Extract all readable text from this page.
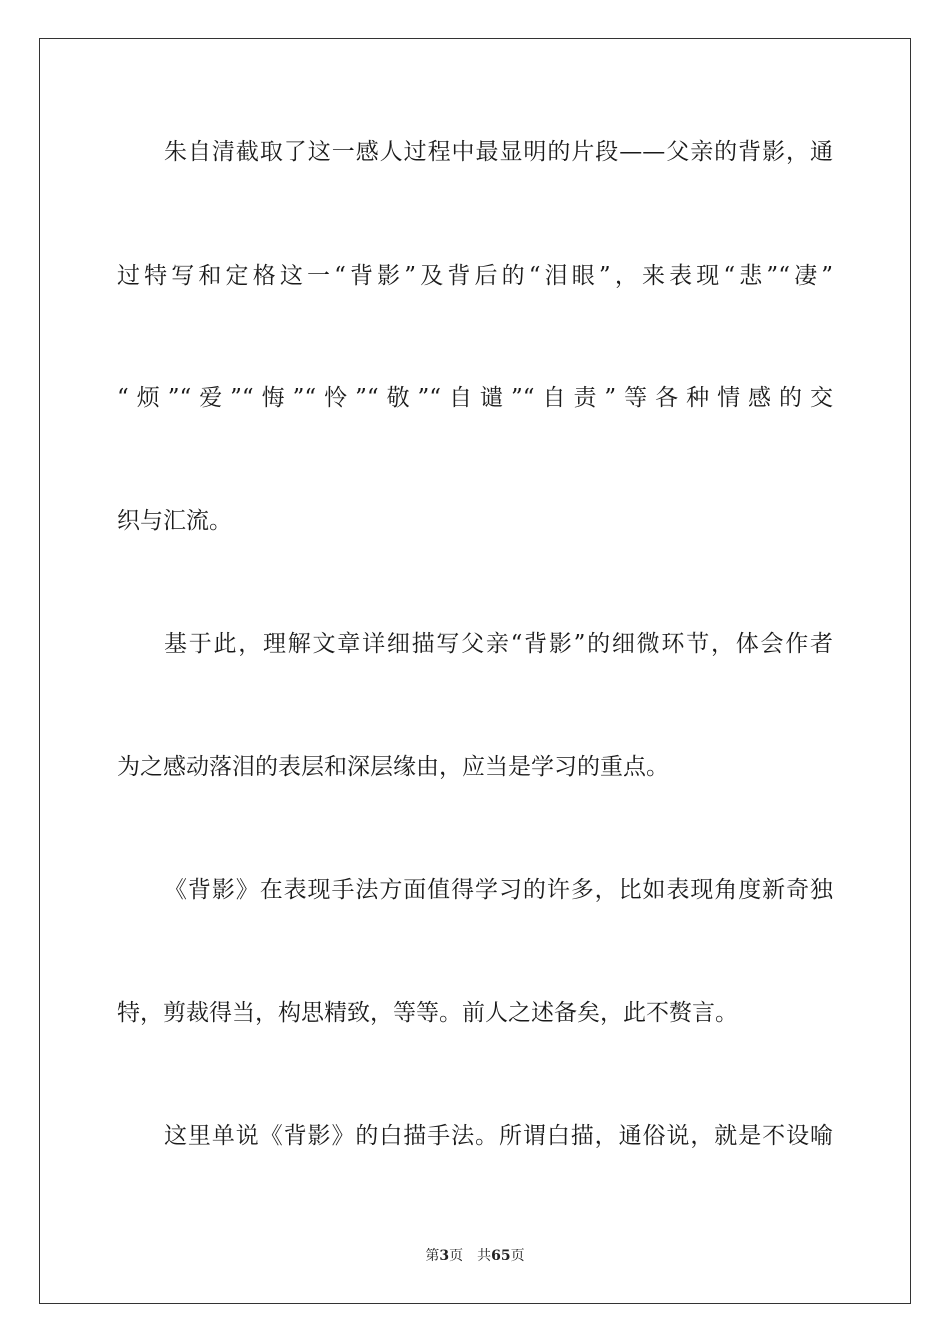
朱自清截取了这一感人过程中最显明的片段——父亲的背影，通
过特写和定格这一“背影”及背后的“泪眼”，来表现“悲”“凄”
“烦”“爱”“悔”“怜”“敬”“自谴”“自责”等各种情感的交
织与汇流。
基于此，理解文章详细描写父亲“背影”的细微环节，体会作者
为之感动落泪的表层和深层缘由，应当是学习的重点。
《背影》在表现手法方面值得学习的许多，比如表现角度新奇独
特，剪裁得当，构思精致，等等。前人之述备矣，此不赘言。
这里单说《背影》的白描手法。所谓白描，通俗说，就是不设喻
第3页 共65页
